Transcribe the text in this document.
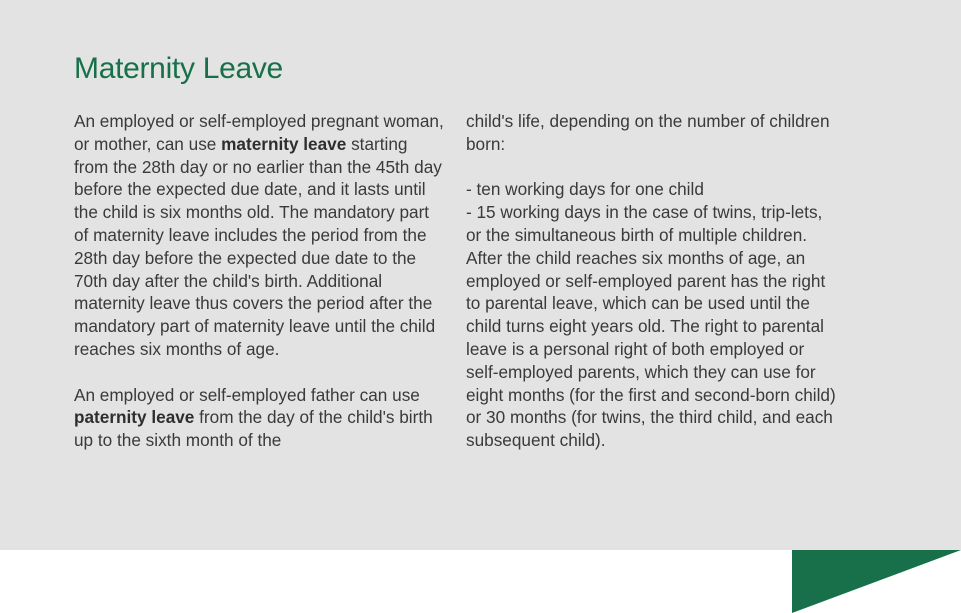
Maternity Leave

An employed or self-employed pregnant woman, or mother, can use maternity leave starting from the 28th day or no earlier than the 45th day before the expected due date, and it lasts until the child is six months old. The mandatory part of maternity leave includes the period from the 28th day before the expected due date to the 70th day after the child's birth. Additional maternity leave thus covers the period after the mandatory part of maternity leave until the child reaches six months of age.

An employed or self-employed father can use paternity leave from the day of the child's birth up to the sixth month of the

child's life, depending on the number of children born:

- ten working days for one child

- 15 working days in the case of twins, trip-lets, or the simultaneous birth of multiple children.

After the child reaches six months of age, an employed or self-employed parent has the right to parental leave, which can be used until the child turns eight years old. The right to parental leave is a personal right of both employed or self-employed parents, which they can use for eight months (for the first and second-born child) or 30 months (for twins, the third child, and each subsequent child).
